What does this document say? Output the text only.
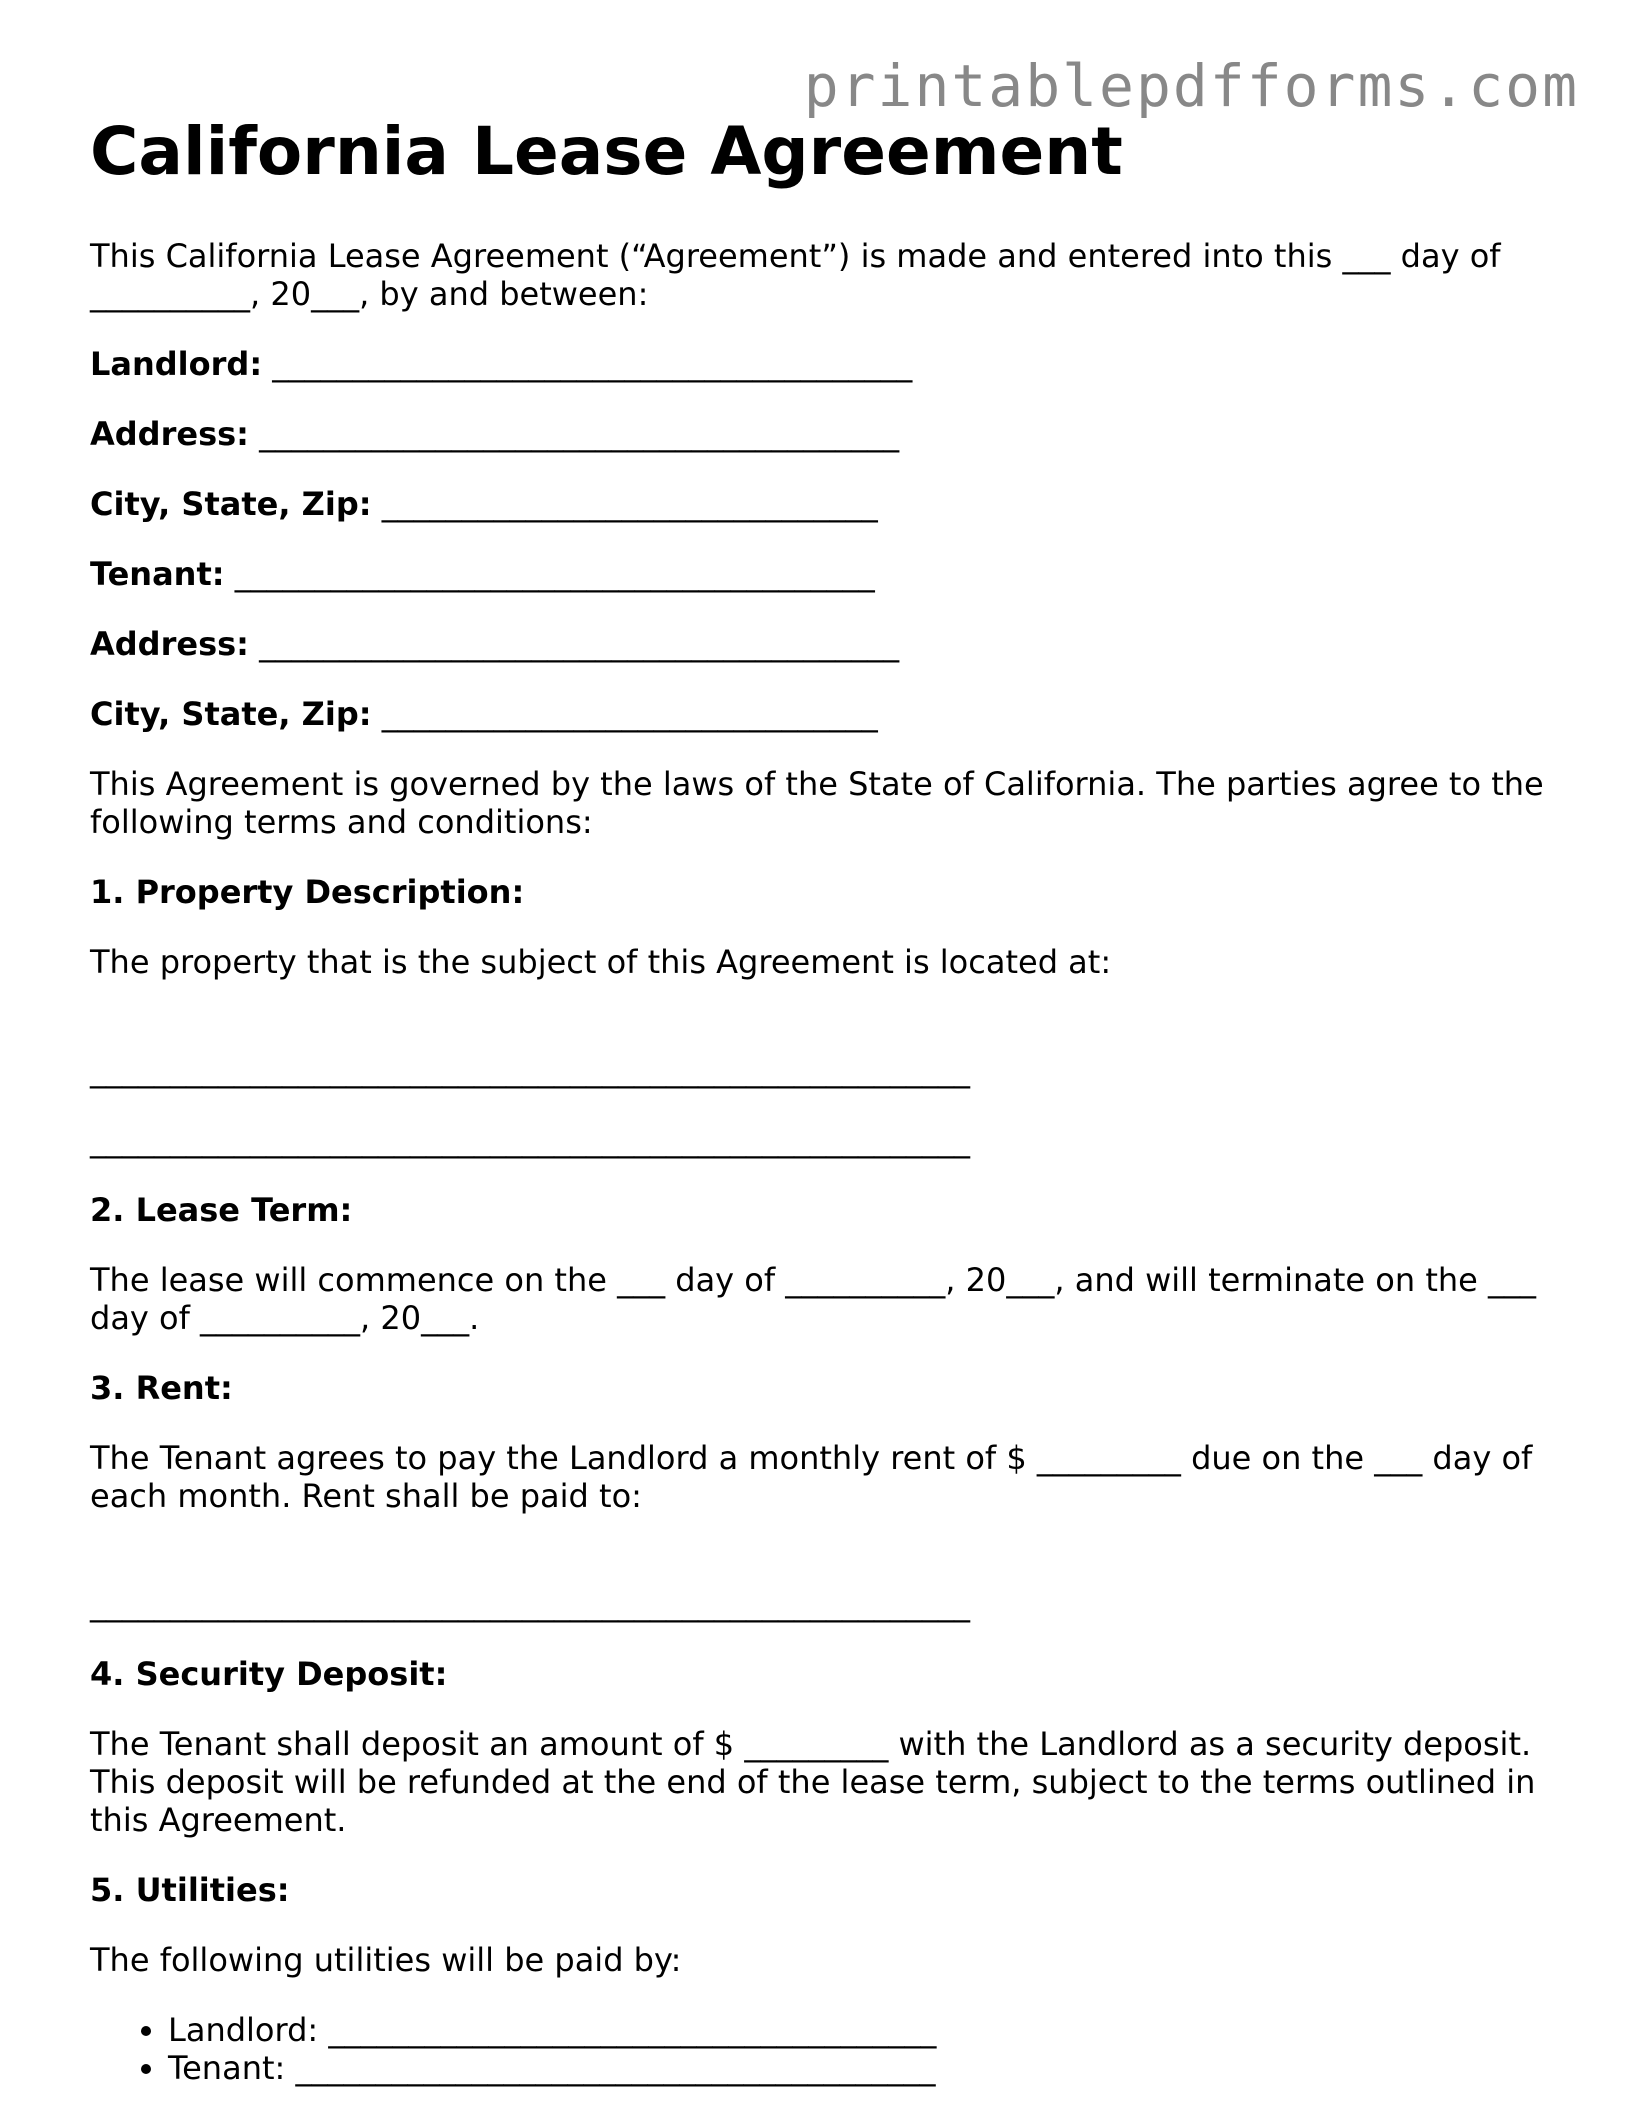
printablepdfforms.com
California Lease Agreement

This California Lease Agreement (“Agreement”) is made and entered into this ___ day of __________, 20___, by and between:

Landlord: ________________________________________
Address: ________________________________________
City, State, Zip: _______________________________
Tenant: ________________________________________
Address: ________________________________________
City, State, Zip: _______________________________

This Agreement is governed by the laws of the State of California. The parties agree to the following terms and conditions:

1. Property Description:

The property that is the subject of this Agreement is located at:

_______________________________________________________
_______________________________________________________
2. Lease Term:

The lease will commence on the ___ day of __________, 20___, and will terminate on the ___ day of __________, 20___.

3. Rent:

The Tenant agrees to pay the Landlord a monthly rent of $ _________ due on the ___ day of each month. Rent shall be paid to:

_______________________________________________________
4. Security Deposit:

The Tenant shall deposit an amount of $ _________ with the Landlord as a security deposit. This deposit will be refunded at the end of the lease term, subject to the terms outlined in this Agreement.

5. Utilities:

The following utilities will be paid by:

• Landlord: ______________________________________
• Tenant: ________________________________________
